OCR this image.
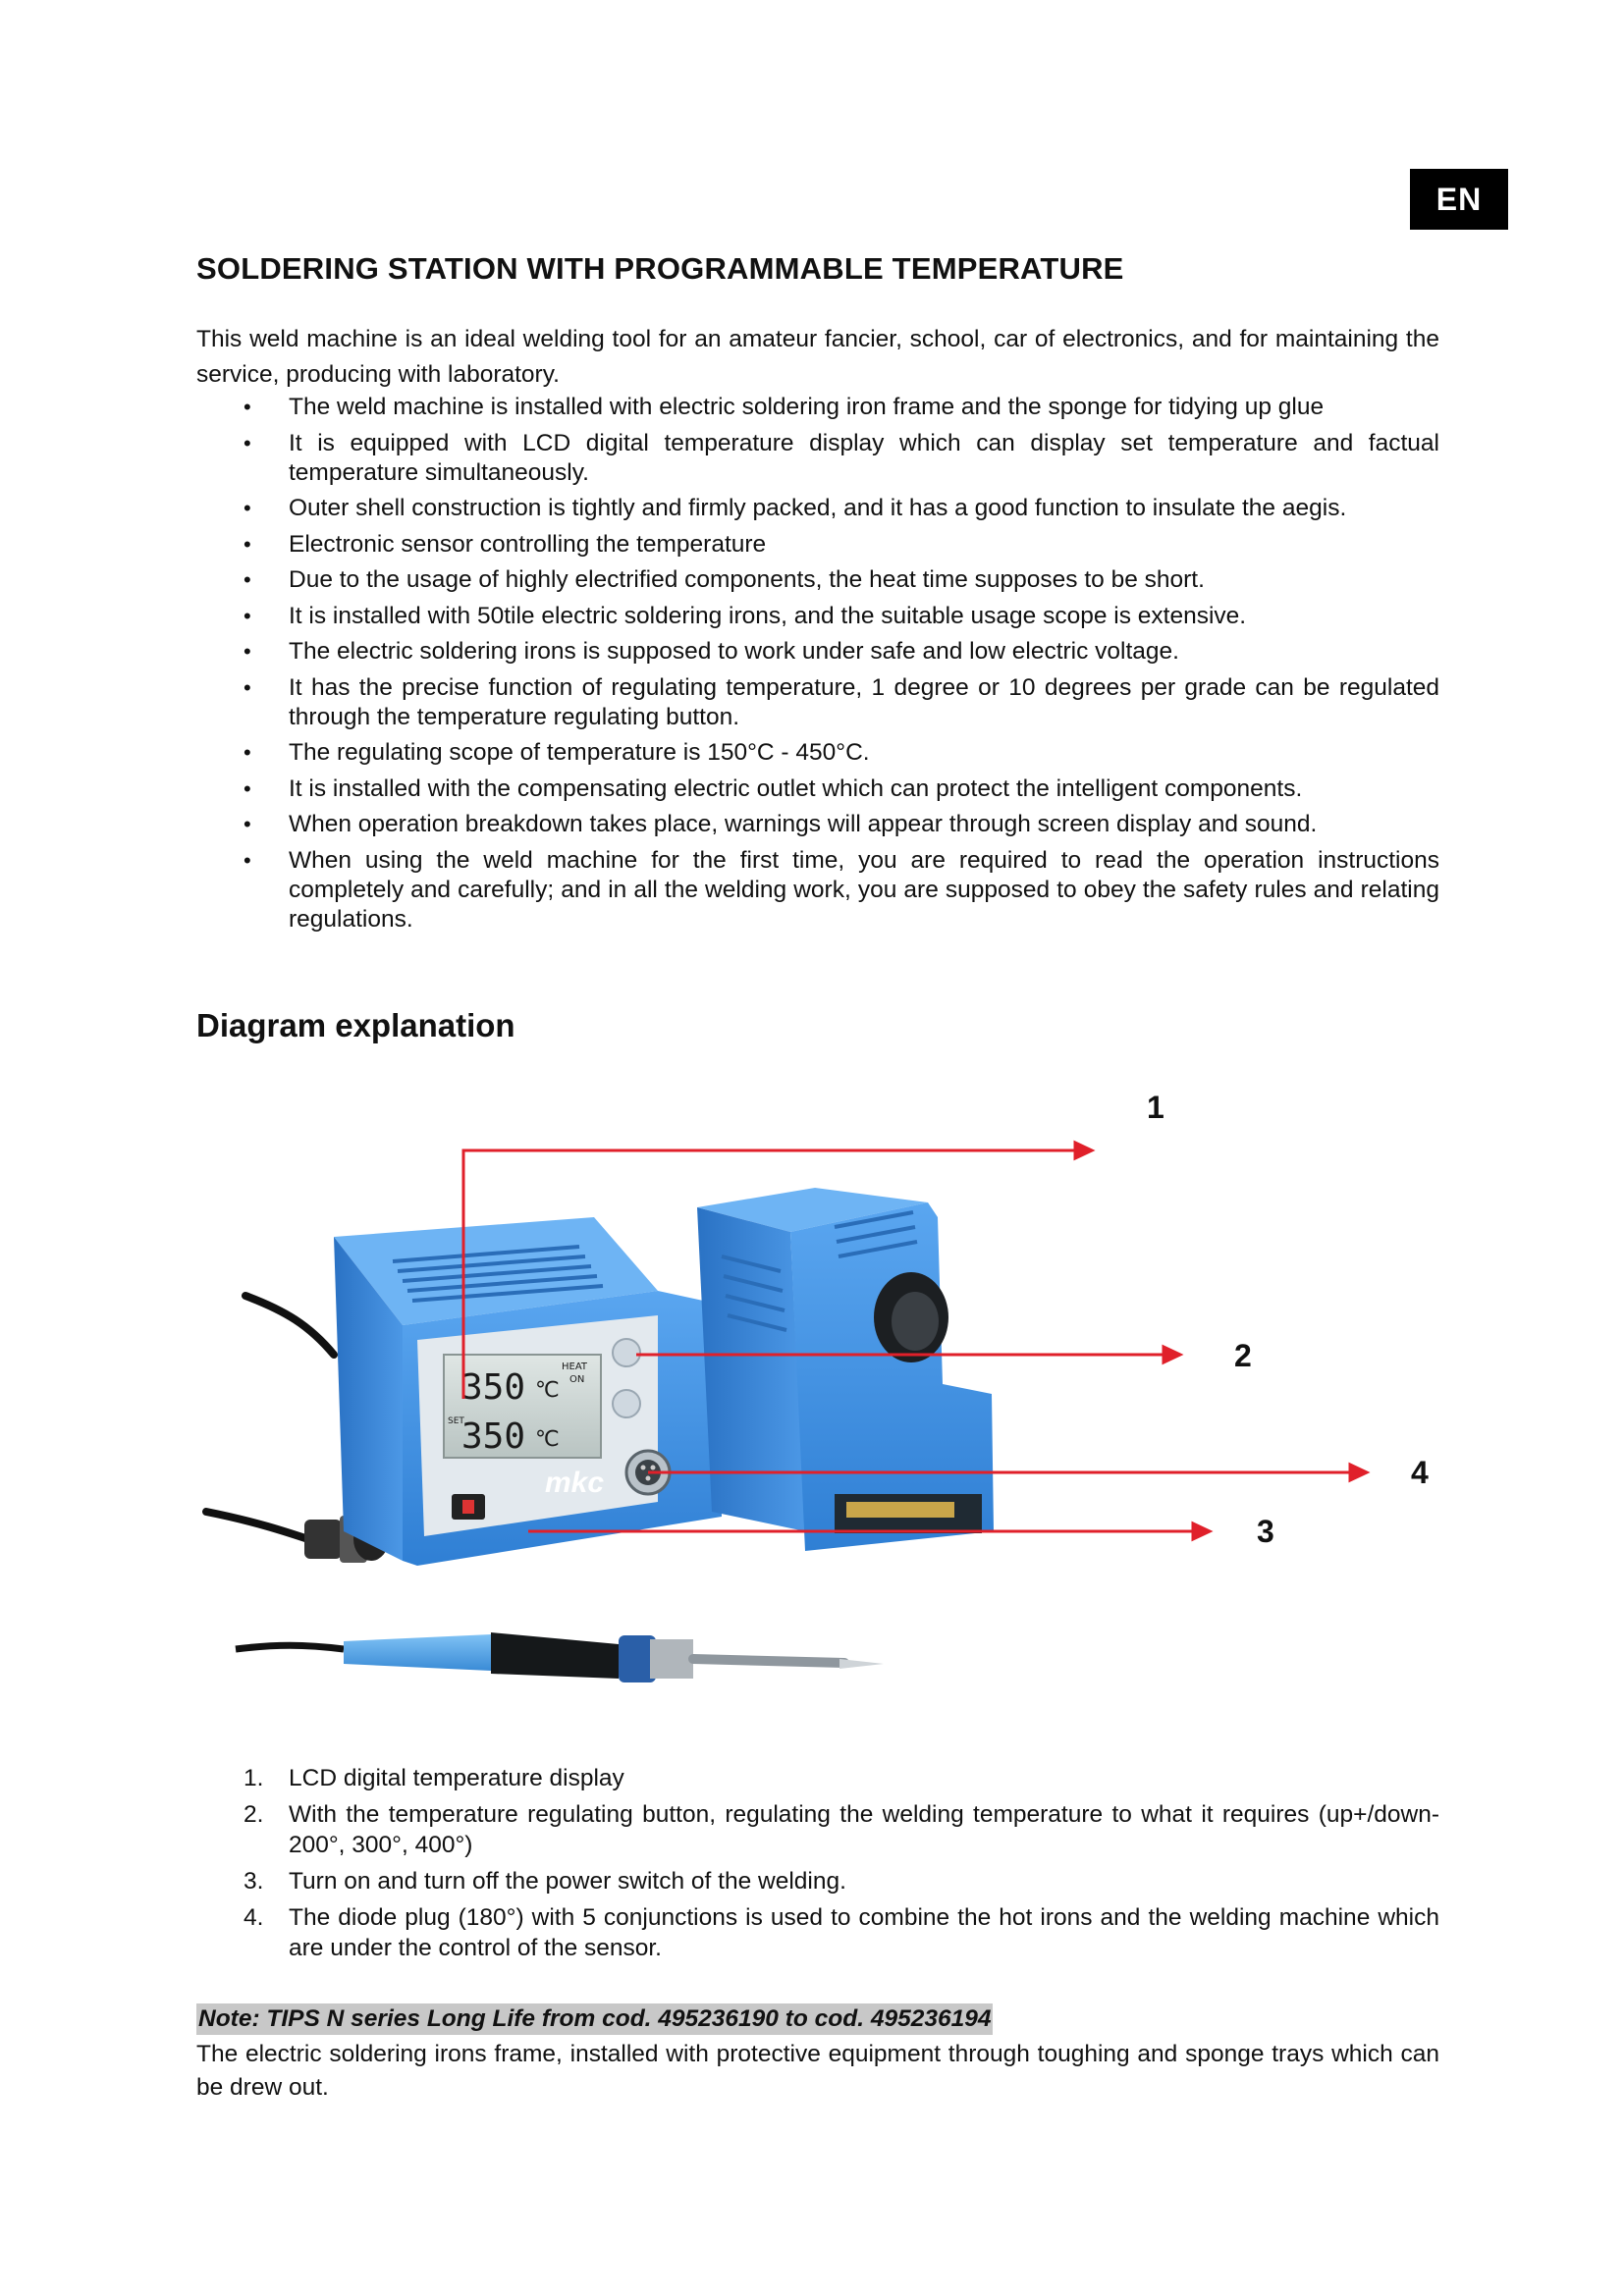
EN
SOLDERING STATION WITH PROGRAMMABLE TEMPERATURE

This weld machine is an ideal welding tool for an amateur fancier, school, car of electronics, and for maintaining the service, producing with laboratory.

• The weld machine is installed with electric soldering iron frame and the sponge for tidying up glue
• It is equipped with LCD digital temperature display which can display set temperature and factual temperature simultaneously.
• Outer shell construction is tightly and firmly packed, and it has a good function to insulate the aegis.
• Electronic sensor controlling the temperature
• Due to the usage of highly electrified components, the heat time supposes to be short.
• It is installed with 50tile electric soldering irons, and the suitable usage scope is extensive.
• The electric soldering irons is supposed to work under safe and low electric voltage.
• It has the precise function of regulating temperature, 1 degree or 10 degrees per grade can be regulated through the temperature regulating button.
• The regulating scope of temperature is 150°C - 450°C.
• It is installed with the compensating electric outlet which can protect the intelligent components.
• When operation breakdown takes place, warnings will appear through screen display and sound.
• When using the weld machine for the first time, you are required to read the operation instructions completely and carefully; and in all the welding work, you are supposed to obey the safety rules and relating regulations.
Diagram explanation
350 ℃
HEAT
ON
SET
350 ℃
mkc
1
2
4
3
1. LCD digital temperature display
2. With the temperature regulating button, regulating the welding temperature to what it requires (up+/down- 200°, 300°, 400°)
3. Turn on and turn off the power switch of the welding.
4. The diode plug (180°) with 5 conjunctions is used to combine the hot irons and the welding machine which are under the control of the sensor.

Note: TIPS N series Long Life from cod. 495236190 to cod. 495236194

The electric soldering irons frame, installed with protective equipment through toughing and sponge trays which can be drew out.
